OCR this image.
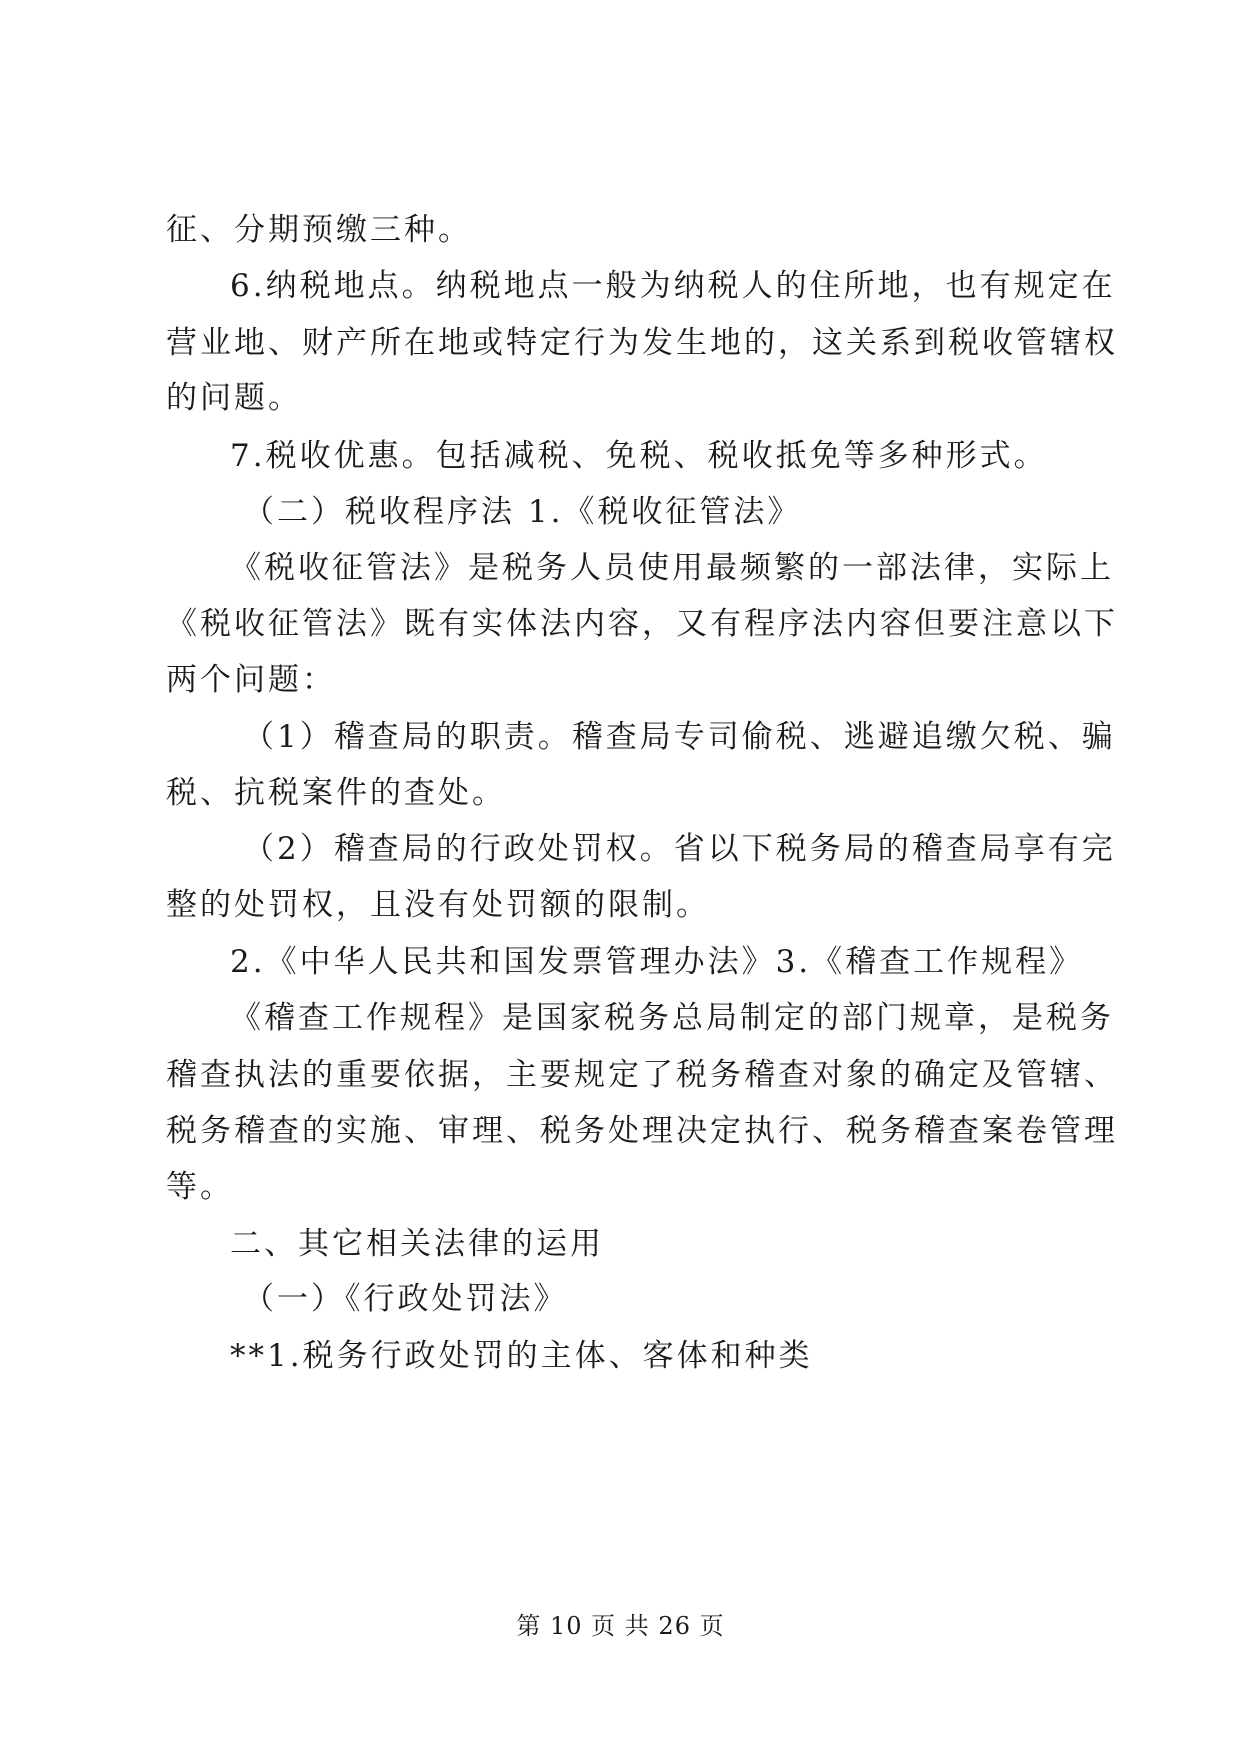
征、分期预缴三种。
6.纳税地点。纳税地点一般为纳税人的住所地，也有规定在
营业地、财产所在地或特定行为发生地的，这关系到税收管辖权
的问题。
7.税收优惠。包括减税、免税、税收抵免等多种形式。
（二）税收程序法 1.《税收征管法》
《税收征管法》是税务人员使用最频繁的一部法律，实际上
《税收征管法》既有实体法内容，又有程序法内容但要注意以下
两个问题：
（1）稽查局的职责。稽查局专司偷税、逃避追缴欠税、骗
税、抗税案件的查处。
（2）稽查局的行政处罚权。省以下税务局的稽查局享有完
整的处罚权，且没有处罚额的限制。
2.《中华人民共和国发票管理办法》3.《稽查工作规程》
《稽查工作规程》是国家税务总局制定的部门规章，是税务
稽查执法的重要依据，主要规定了税务稽查对象的确定及管辖、
税务稽查的实施、审理、税务处理决定执行、税务稽查案卷管理
等。
二、其它相关法律的运用
（一）《行政处罚法》
**1.税务行政处罚的主体、客体和种类
第 10 页 共 26 页
